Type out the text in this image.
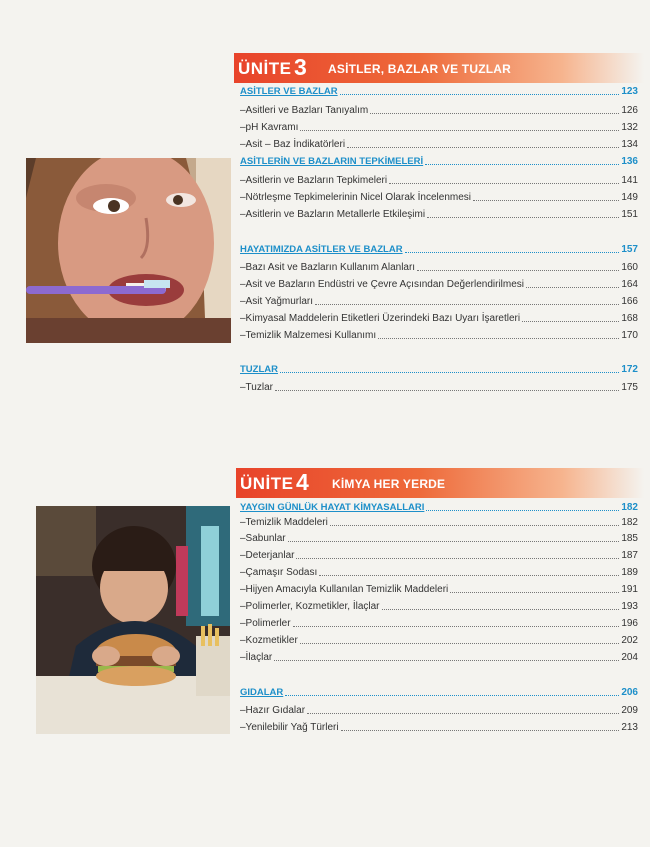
ÜNİTE 3 ASİTLER, BAZLAR VE TUZLAR
ASİTLER VE BAZLAR	123
–Asitleri ve Bazları Tanıyalım	126
–pH Kavramı	132
–Asit – Baz İndikatörleri	134
ASİTLERİN VE BAZLARIN TEPKİMELERİ	136
–Asitlerin ve Bazların Tepkimeleri	141
–Nötrleşme Tepkimelerinin Nicel Olarak İncelenmesi	149
–Asitlerin ve Bazların Metallerle Etkileşimi	151
HAYATIMIZDA ASİTLER VE BAZLAR	157
–Bazı Asit ve Bazların Kullanım Alanları	160
–Asit ve Bazların Endüstri ve Çevre Açısından Değerlendirilmesi	164
–Asit Yağmurları	166
–Kimyasal Maddelerin Etiketleri Üzerindeki Bazı Uyarı İşaretleri	168
–Temizlik Malzemesi Kullanımı	170
TUZLAR	172
–Tuzlar	175
ÜNİTE 4 KİMYA HER YERDE
YAYGIN GÜNLÜK HAYAT KİMYASALLARI	182
–Temizlik Maddeleri	182
–Sabunlar	185
–Deterjanlar	187
–Çamaşır Sodası	189
–Hijyen Amacıyla Kullanılan Temizlik Maddeleri	191
–Polimerler, Kozmetikler, İlaçlar	193
–Polimerler	196
–Kozmetikler	202
–İlaçlar	204
GIDALAR	206
–Hazır Gıdalar	209
–Yenilebilir Yağ Türleri	213
